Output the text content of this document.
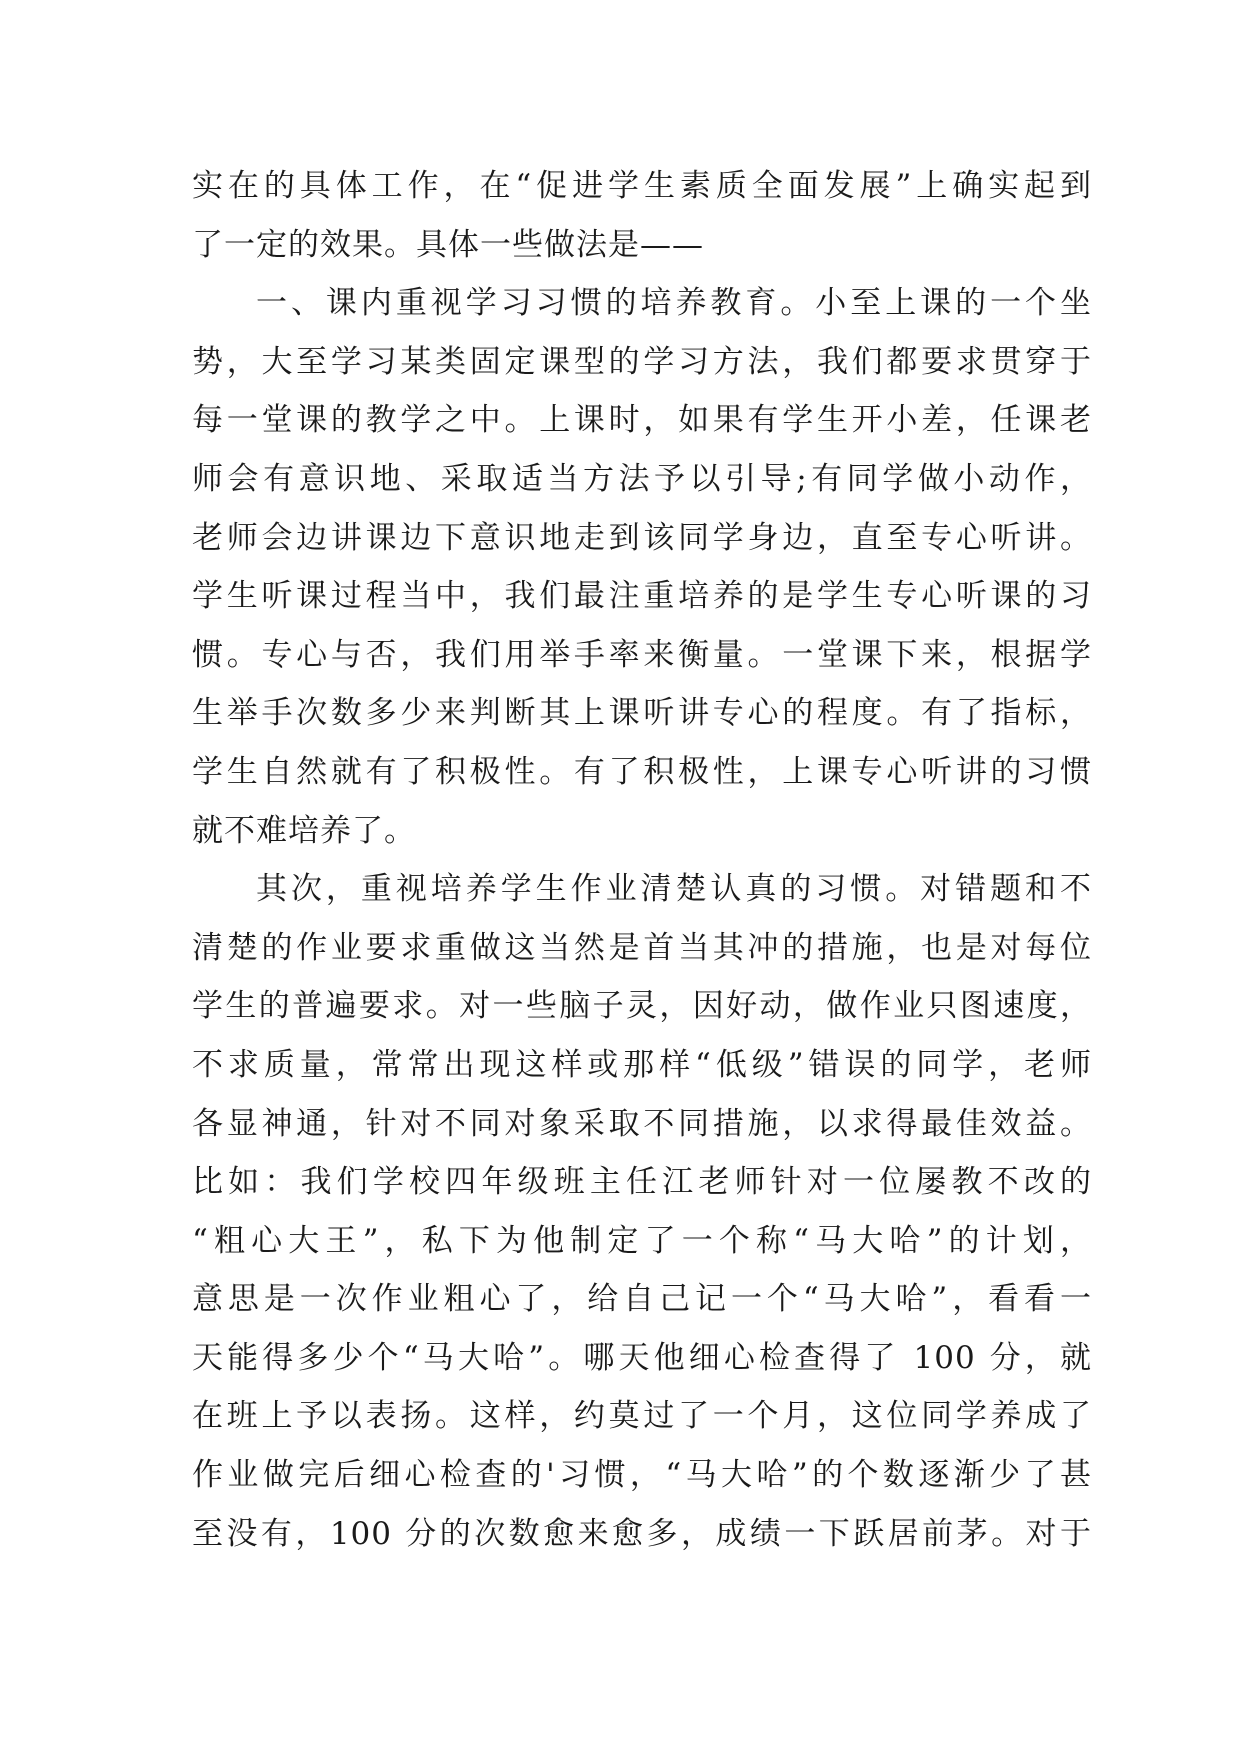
实在的具体工作，在“促进学生素质全面发展”上确实起到
了一定的效果。具体一些做法是——
一、课内重视学习习惯的培养教育。小至上课的一个坐
势，大至学习某类固定课型的学习方法，我们都要求贯穿于
每一堂课的教学之中。上课时，如果有学生开小差，任课老
师会有意识地、采取适当方法予以引导;有同学做小动作，
老师会边讲课边下意识地走到该同学身边，直至专心听讲。
学生听课过程当中，我们最注重培养的是学生专心听课的习
惯。专心与否，我们用举手率来衡量。一堂课下来，根据学
生举手次数多少来判断其上课听讲专心的程度。有了指标，
学生自然就有了积极性。有了积极性，上课专心听讲的习惯
就不难培养了。
其次，重视培养学生作业清楚认真的习惯。对错题和不
清楚的作业要求重做这当然是首当其冲的措施，也是对每位
学生的普遍要求。对一些脑子灵，因好动，做作业只图速度，
不求质量，常常出现这样或那样“低级”错误的同学，老师
各显神通，针对不同对象采取不同措施，以求得最佳效益。
比如：我们学校四年级班主任江老师针对一位屡教不改的
“粗心大王”，私下为他制定了一个称“马大哈”的计划，
意思是一次作业粗心了，给自己记一个“马大哈”，看看一
天能得多少个“马大哈”。哪天他细心检查得了 100 分，就
在班上予以表扬。这样，约莫过了一个月，这位同学养成了
作业做完后细心检查的'习惯，“马大哈”的个数逐渐少了甚
至没有，100 分的次数愈来愈多，成绩一下跃居前茅。对于
